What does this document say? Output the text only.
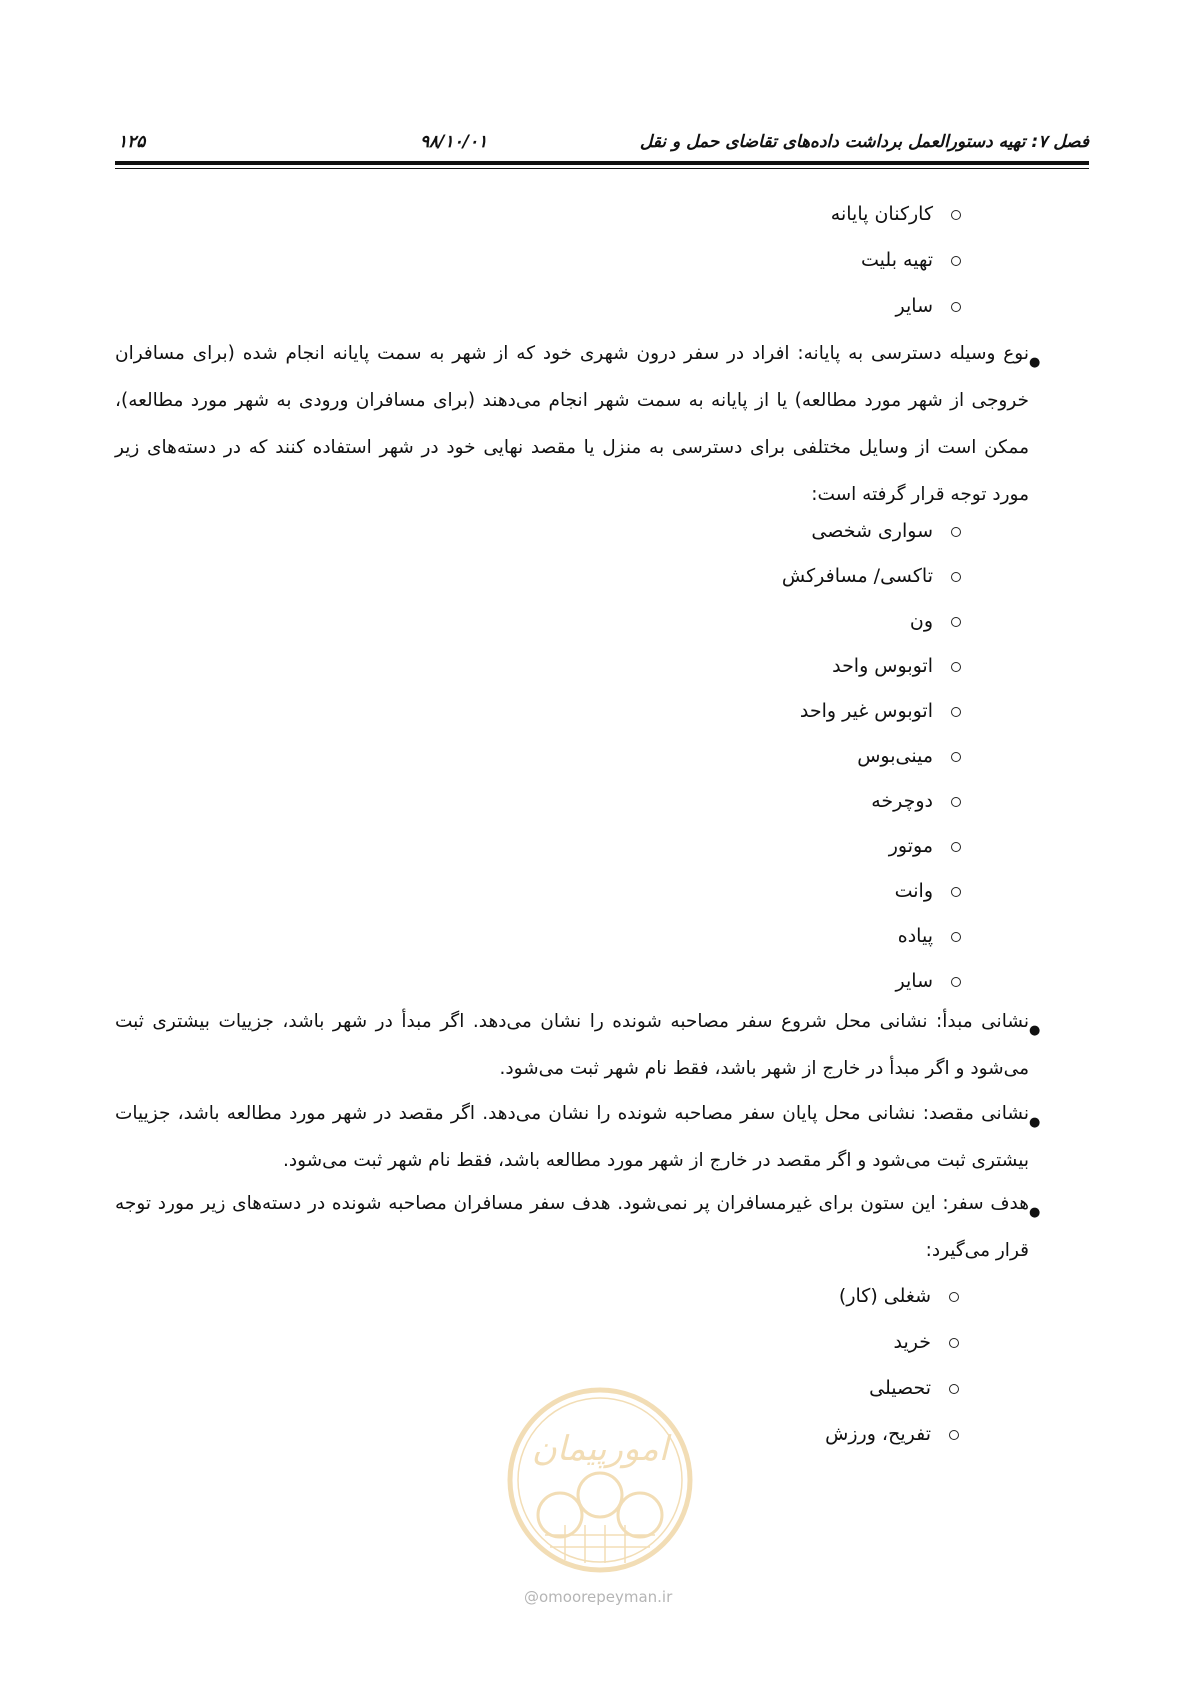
فصل ۷: تهیه دستورالعمل برداشت داده‌های تقاضای حمل و نقل
۹۸/۱۰/۰۱
۱۲۵
کارکنان پایانه
تهیه بلیت
سایر
●
نوع وسیله دسترسی به پایانه: افراد در سفر درون شهری خود که از شهر به سمت پایانه انجام شده (برای مسافران خروجی از شهر مورد مطالعه) یا از پایانه به سمت شهر انجام می‌دهند (برای مسافران ورودی به شهر مورد مطالعه)، ممکن است از وسایل مختلفی برای دسترسی به منزل یا مقصد نهایی خود در شهر استفاده کنند که در دسته‌های زیر مورد توجه قرار گرفته است:
سواری شخصی
تاکسی/ مسافرکش
ون
اتوبوس واحد
اتوبوس غیر واحد
مینی‌بوس
دوچرخه
موتور
وانت
پیاده
سایر
●
نشانی مبدأ: نشانی محل شروع سفر مصاحبه شونده را نشان می‌دهد. اگر مبدأ در شهر باشد، جزییات بیشتری ثبت می‌شود و اگر مبدأ در خارج از شهر باشد، فقط نام شهر ثبت می‌شود.
●
نشانی مقصد: نشانی محل پایان سفر مصاحبه شونده را نشان می‌دهد. اگر مقصد در شهر مورد مطالعه باشد، جزییات بیشتری ثبت می‌شود و اگر مقصد در خارج از شهر مورد مطالعه باشد، فقط نام شهر ثبت می‌شود.
●
هدف سفر: این ستون برای غیرمسافران پر نمی‌شود. هدف سفر مسافران مصاحبه شونده در دسته‌های زیر مورد توجه قرار می‌گیرد:
شغلی (کار)
خرید
تحصیلی
تفریح، ورزش
امورپیمان
@omoorepeyman.ir
